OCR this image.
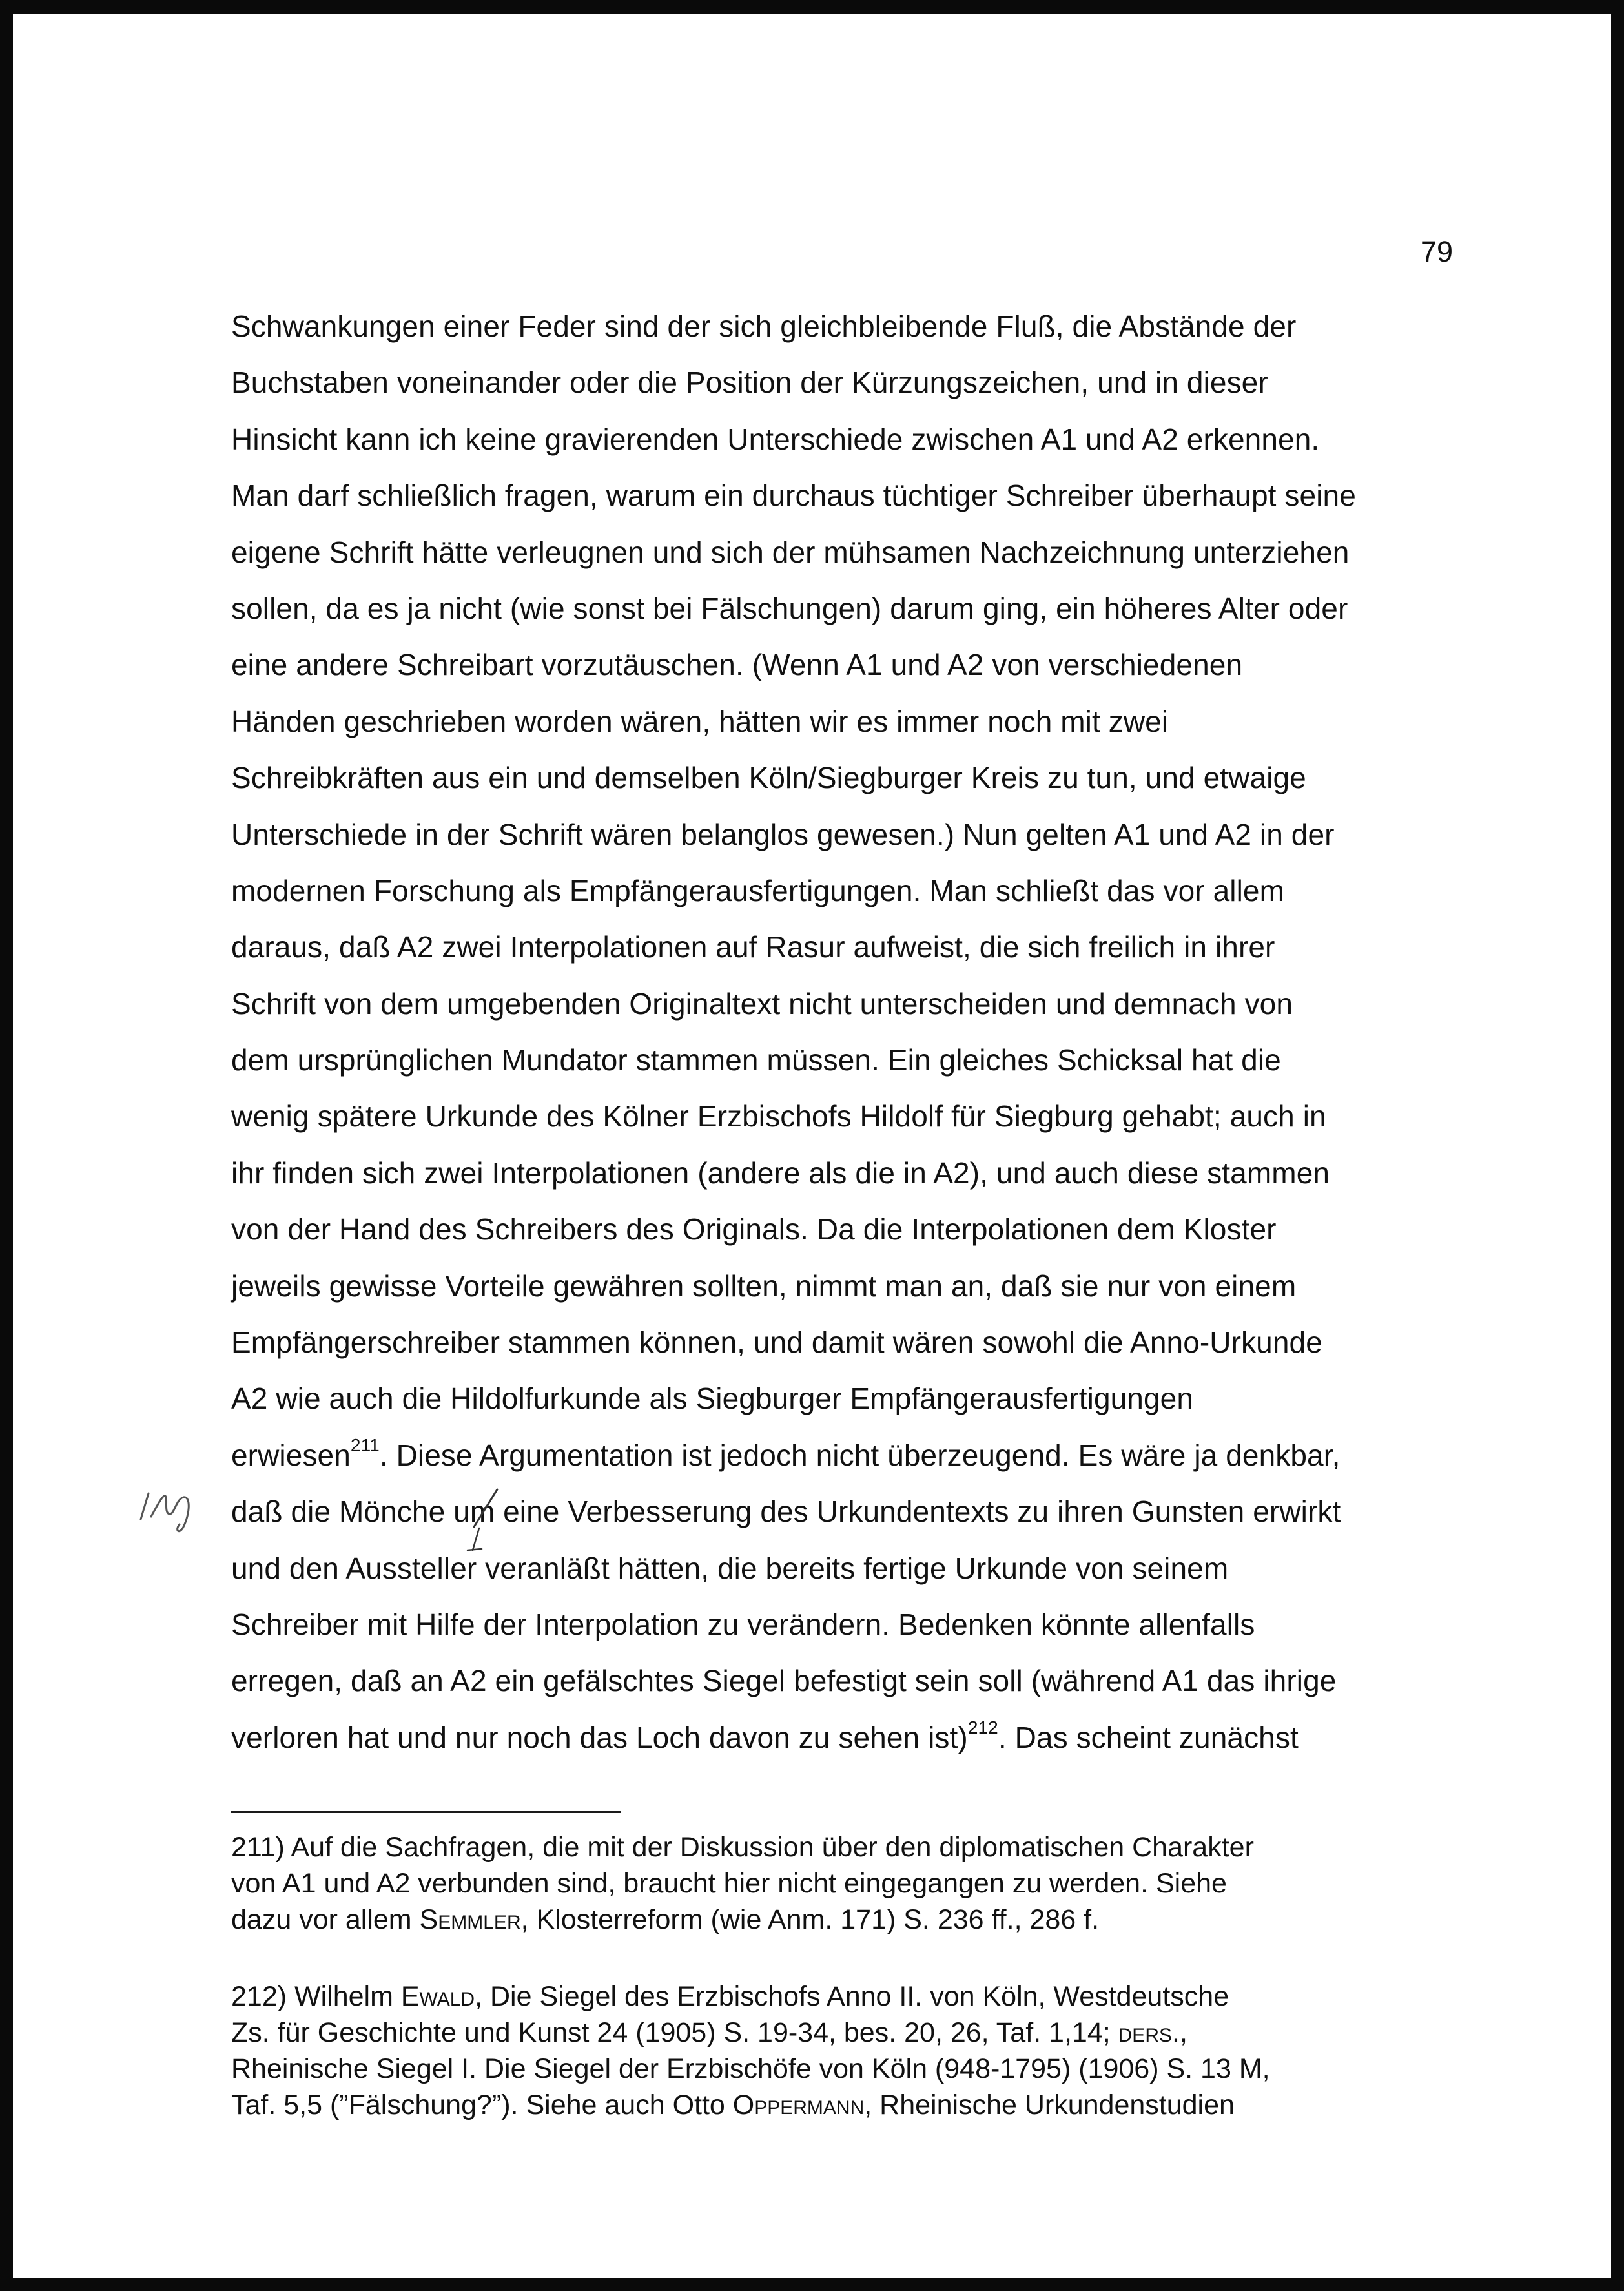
79
Schwankungen einer Feder sind der sich gleichbleibende Fluß, die Abstände der
Buchstaben voneinander oder die Position der Kürzungszeichen, und in dieser
Hinsicht kann ich keine gravierenden Unterschiede zwischen A1 und A2 erkennen.
Man darf schließlich fragen, warum ein durchaus tüchtiger Schreiber überhaupt seine
eigene Schrift hätte verleugnen und sich der mühsamen Nachzeichnung unterziehen
sollen, da es ja nicht (wie sonst bei Fälschungen) darum ging, ein höheres Alter oder
eine andere Schreibart vorzutäuschen. (Wenn A1 und A2 von verschiedenen
Händen geschrieben worden wären, hätten wir es immer noch mit zwei
Schreibkräften aus ein und demselben Köln/Siegburger Kreis zu tun, und etwaige
Unterschiede in der Schrift wären belanglos gewesen.) Nun gelten A1 und A2 in der
modernen Forschung als Empfängerausfertigungen. Man schließt das vor allem
daraus, daß A2 zwei Interpolationen auf Rasur aufweist, die sich freilich in ihrer
Schrift von dem umgebenden Originaltext nicht unterscheiden und demnach von
dem ursprünglichen Mundator stammen müssen. Ein gleiches Schicksal hat die
wenig spätere Urkunde des Kölner Erzbischofs Hildolf für Siegburg gehabt; auch in
ihr finden sich zwei Interpolationen (andere als die in A2), und auch diese stammen
von der Hand des Schreibers des Originals. Da die Interpolationen dem Kloster
jeweils gewisse Vorteile gewähren sollten, nimmt man an, daß sie nur von einem
Empfängerschreiber stammen können, und damit wären sowohl die Anno-Urkunde
A2 wie auch die Hildolfurkunde als Siegburger Empfängerausfertigungen
erwiesen$^{211}$. Diese Argumentation ist jedoch nicht überzeugend. Es wäre ja denkbar,
daß die Mönche um eine Verbesserung des Urkundentexts zu ihren Gunsten erwirkt
und den Aussteller veranläßt hätten, die bereits fertige Urkunde von seinem
Schreiber mit Hilfe der Interpolation zu verändern. Bedenken könnte allenfalls
erregen, daß an A2 ein gefälschtes Siegel befestigt sein soll (während A1 das ihrige
verloren hat und nur noch das Loch davon zu sehen ist)$^{212}$. Das scheint zunächst
211) Auf die Sachfragen, die mit der Diskussion über den diplomatischen Charakter
von A1 und A2 verbunden sind, braucht hier nicht eingegangen zu werden. Siehe
dazu vor allem Semmler, Klosterreform (wie Anm. 171) S. 236 ff., 286 f.
212) Wilhelm Ewald, Die Siegel des Erzbischofs Anno II. von Köln, Westdeutsche
Zs. für Geschichte und Kunst 24 (1905) S. 19-34, bes. 20, 26, Taf. 1,14; ders.,
Rheinische Siegel I. Die Siegel der Erzbischöfe von Köln (948-1795) (1906) S. 13 M,
Taf. 5,5 (”Fälschung?”). Siehe auch Otto Oppermann, Rheinische Urkundenstudien
